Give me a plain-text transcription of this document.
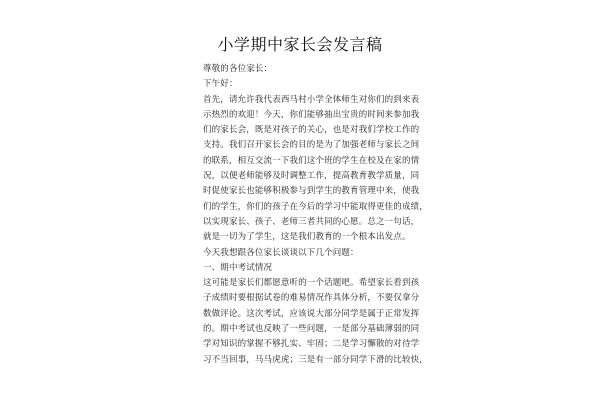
小学期中家长会发言稿
尊敬的各位家长：
下午好：
首先，请允许我代表西马村小学全体师生对你们的到来表
示热烈的欢迎！今天，你们能够抽出宝贵的时间来参加我
们的家长会，既是对孩子的关心，也是对我们学校工作的
支持。我们召开家长会的目的是为了加强老师与家长之间
的联系，相互交流一下我们这个班的学生在校及在家的情
况，以便老师能够及时调整工作，提高教育教学质量，同
时促使家长也能够积极参与到学生的教育管理中来，使我
们的学生，你们的孩子在今后的学习中能取得更佳的成绩，
以实现家长、孩子、老师三者共同的心愿。总之一句话，
就是一切为了学生，这是我们教育的一个根本出发点。
今天我想跟各位家长谈谈以下几个问题：
一、期中考试情况
这可能是家长们都愿意听的一个话题吧。希望家长看到孩
子成绩时要根据试卷的难易情况作具体分析，不要仅拿分
数做评论。这次考试，应该说大部分同学是属于正常发挥
的。期中考试也反映了一些问题，一是部分基础薄弱的同
学对知识的掌握不够扎实、牢固；二是学习懈散的对待学
习不当回事，马马虎虎；三是有一部分同学下滑的比较快，
